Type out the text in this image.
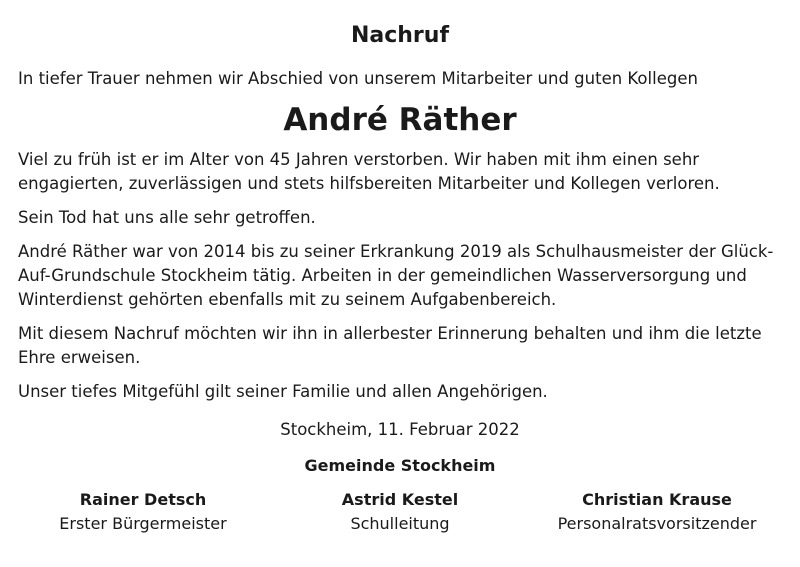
Nachruf

In tiefer Trauer nehmen wir Abschied von unserem Mitarbeiter und guten Kollegen

André Räther

Viel zu früh ist er im Alter von 45 Jahren verstorben. Wir haben mit ihm einen sehr engagierten, zuverlässigen und stets hilfsbereiten Mitarbeiter und Kollegen verloren.

Sein Tod hat uns alle sehr getroffen.

André Räther war von 2014 bis zu seiner Erkrankung 2019 als Schulhausmeister der Glück-Auf-Grundschule Stockheim tätig. Arbeiten in der gemeindlichen Wasserversorgung und Winterdienst gehörten ebenfalls mit zu seinem Aufgabenbereich.

Mit diesem Nachruf möchten wir ihn in allerbester Erinnerung behalten und ihm die letzte Ehre erweisen.

Unser tiefes Mitgefühl gilt seiner Familie und allen Angehörigen.

Stockheim, 11. Februar 2022

Gemeinde Stockheim

Rainer Detsch
Erster Bürgermeister
Astrid Kestel
Schulleitung
Christian Krause
Personalratsvorsitzender
